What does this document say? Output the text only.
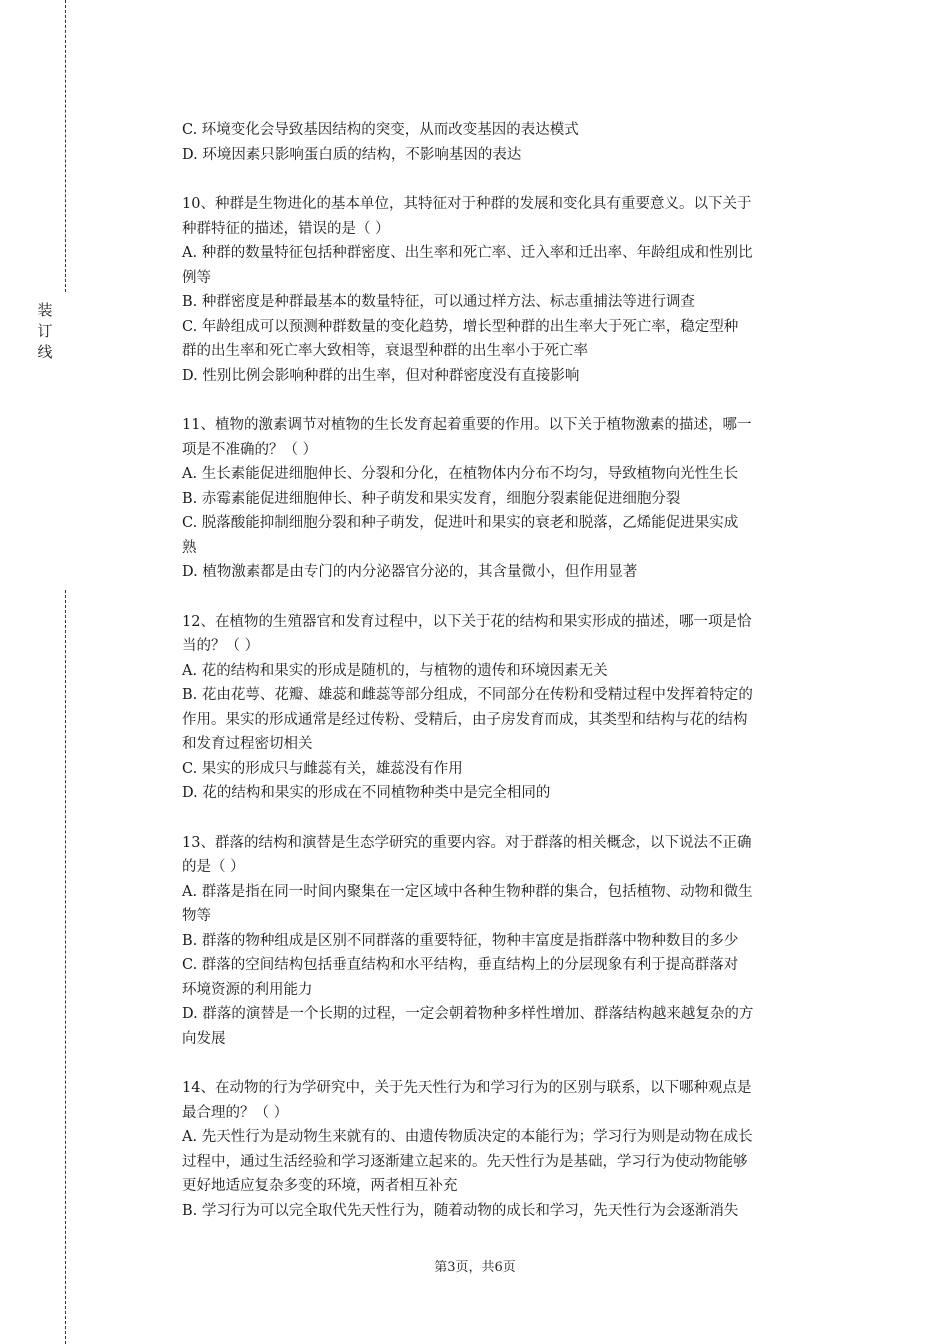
装
订
线
C. 环境变化会导致基因结构的突变，从而改变基因的表达模式
D. 环境因素只影响蛋白质的结构，不影响基因的表达
10、种群是生物进化的基本单位，其特征对于种群的发展和变化具有重要意义。以下关于
种群特征的描述，错误的是（ ）
A. 种群的数量特征包括种群密度、出生率和死亡率、迁入率和迁出率、年龄组成和性别比
例等
B. 种群密度是种群最基本的数量特征，可以通过样方法、标志重捕法等进行调查
C. 年龄组成可以预测种群数量的变化趋势，增长型种群的出生率大于死亡率，稳定型种
群的出生率和死亡率大致相等，衰退型种群的出生率小于死亡率
D. 性别比例会影响种群的出生率，但对种群密度没有直接影响
11、植物的激素调节对植物的生长发育起着重要的作用。以下关于植物激素的描述，哪一
项是不准确的？（ ）
A. 生长素能促进细胞伸长、分裂和分化，在植物体内分布不均匀，导致植物向光性生长
B. 赤霉素能促进细胞伸长、种子萌发和果实发育，细胞分裂素能促进细胞分裂
C. 脱落酸能抑制细胞分裂和种子萌发，促进叶和果实的衰老和脱落，乙烯能促进果实成
熟
D. 植物激素都是由专门的内分泌器官分泌的，其含量微小，但作用显著
12、在植物的生殖器官和发育过程中，以下关于花的结构和果实形成的描述，哪一项是恰
当的？（ ）
A. 花的结构和果实的形成是随机的，与植物的遗传和环境因素无关
B. 花由花萼、花瓣、雄蕊和雌蕊等部分组成，不同部分在传粉和受精过程中发挥着特定的
作用。果实的形成通常是经过传粉、受精后，由子房发育而成，其类型和结构与花的结构
和发育过程密切相关
C. 果实的形成只与雌蕊有关，雄蕊没有作用
D. 花的结构和果实的形成在不同植物种类中是完全相同的
13、群落的结构和演替是生态学研究的重要内容。对于群落的相关概念，以下说法不正确
的是（ ）
A. 群落是指在同一时间内聚集在一定区域中各种生物种群的集合，包括植物、动物和微生
物等
B. 群落的物种组成是区别不同群落的重要特征，物种丰富度是指群落中物种数目的多少
C. 群落的空间结构包括垂直结构和水平结构，垂直结构上的分层现象有利于提高群落对
环境资源的利用能力
D. 群落的演替是一个长期的过程，一定会朝着物种多样性增加、群落结构越来越复杂的方
向发展
14、在动物的行为学研究中，关于先天性行为和学习行为的区别与联系，以下哪种观点是
最合理的？（ ）
A. 先天性行为是动物生来就有的、由遗传物质决定的本能行为；学习行为则是动物在成长
过程中，通过生活经验和学习逐渐建立起来的。先天性行为是基础，学习行为使动物能够
更好地适应复杂多变的环境，两者相互补充
B. 学习行为可以完全取代先天性行为，随着动物的成长和学习，先天性行为会逐渐消失
第3页，共6页
